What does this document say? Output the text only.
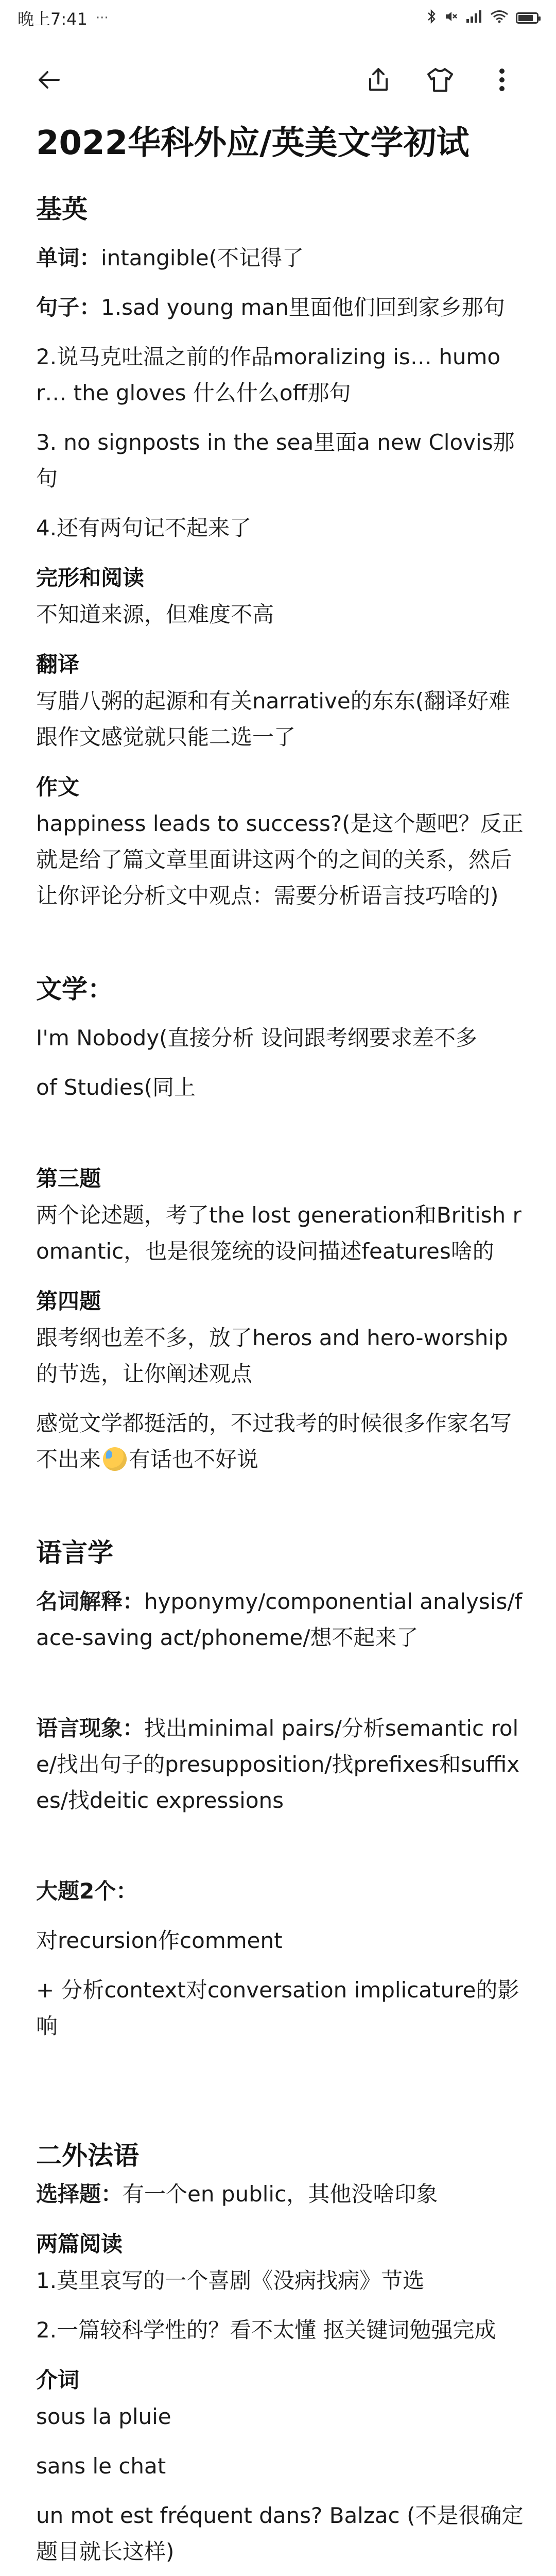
晚上7:41 ···
2022华科外应/英美文学初试
基英

单词：intangible(不记得了

句子：1.sad young man里面他们回到家乡那句

2.说马克吐温之前的作品moralizing is… humor… the gloves 什么什么off那句

3. no signposts in the sea里面a new Clovis那句

4.还有两句记不起来了

完形和阅读

不知道来源，但难度不高

翻译

写腊八粥的起源和有关narrative的东东(翻译好难 跟作文感觉就只能二选一了

作文

happiness leads to success?(是这个题吧？反正就是给了篇文章里面讲这两个的之间的关系，然后让你评论分析文中观点：需要分析语言技巧啥的)

文学：

I'm Nobody(直接分析 设问跟考纲要求差不多

of Studies(同上

第三题

两个论述题，考了the lost generation和British romantic，也是很笼统的设问描述features啥的

第四题

跟考纲也差不多，放了heros and hero-worship的节选，让你阐述观点

感觉文学都挺活的，不过我考的时候很多作家名写不出来 有话也不好说

语言学

名词解释：hyponymy/componential analysis/face-saving act/phoneme/想不起来了

语言现象：找出minimal pairs/分析semantic role/找出句子的presupposition/找prefixes和suffixes/找deitic expressions

大题2个：

对recursion作comment

+ 分析context对conversation implicature的影响

二外法语

选择题：有一个en public，其他没啥印象

两篇阅读

1.莫里哀写的一个喜剧《没病找病》节选

2.一篇较科学性的？看不太懂 抠关键词勉强完成

介词

sous la pluie

sans le chat

un mot est fréquent dans? Balzac (不是很确定 题目就长这样)
